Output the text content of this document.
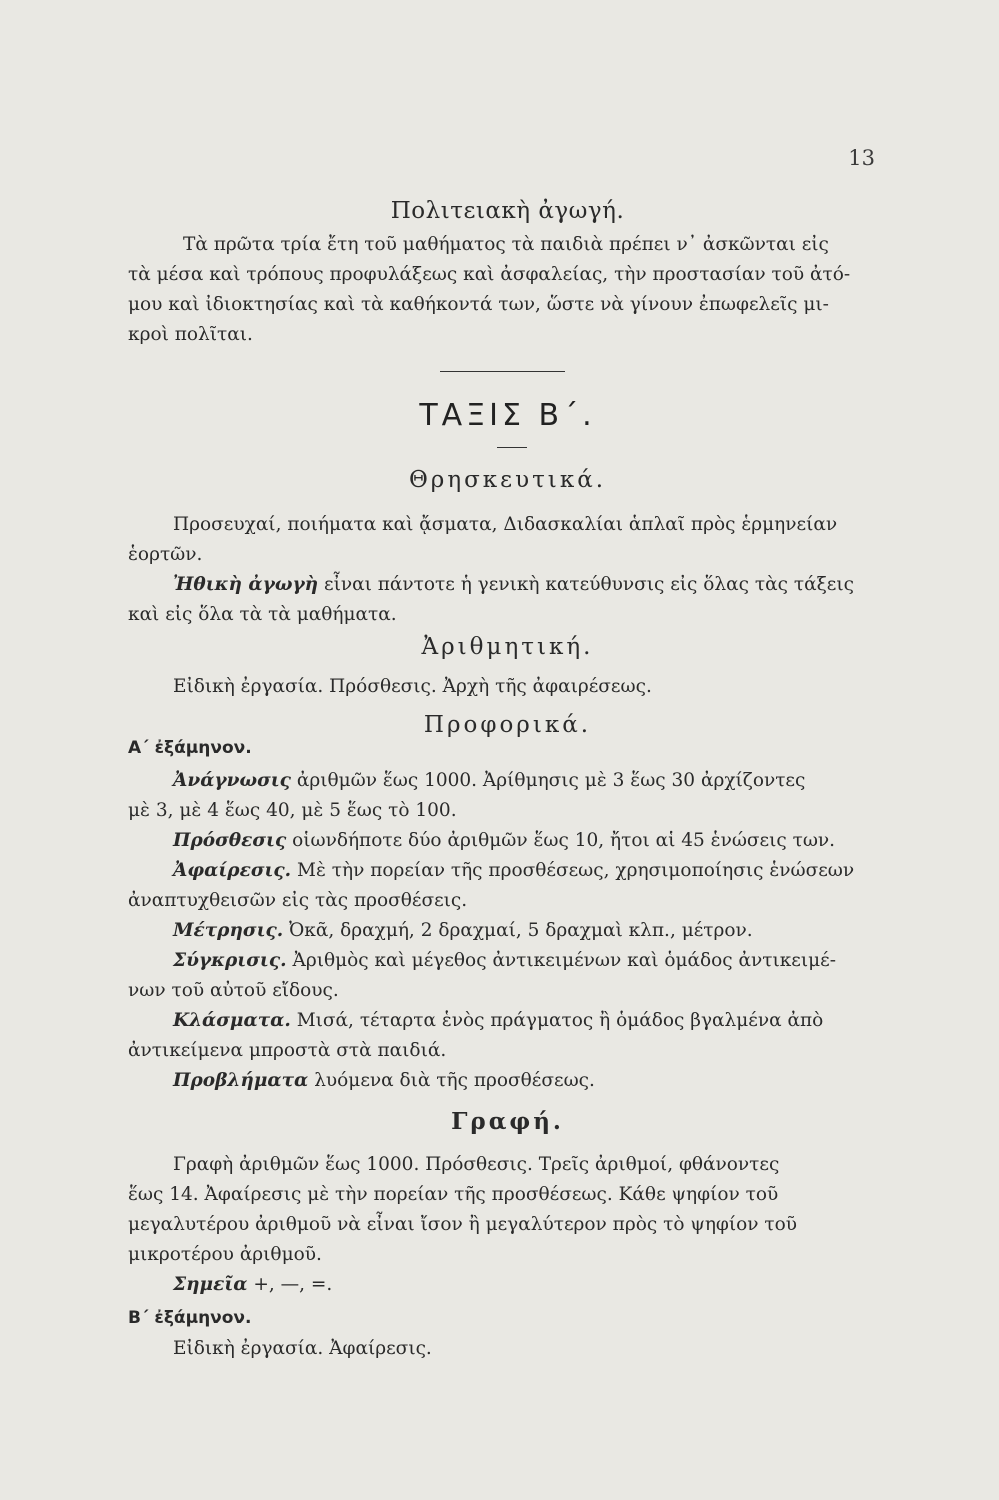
13
Πολιτειακὴ ἀγωγή.
Τὰ πρῶτα τρία ἔτη τοῦ μαθήματος τὰ παιδιὰ πρέπει ν᾿ ἀσκῶνται εἰς
τὰ μέσα καὶ τρόπους προφυλάξεως καὶ ἀσφαλείας, τὴν προστασίαν τοῦ ἀτό-
μου καὶ ἰδιοκτησίας καὶ τὰ καθήκοντά των, ὥστε νὰ γίνουν ἐπωφελεῖς μι-
κροὶ πολῖται.
ΤΑΞΙΣ Β΄.
Θρησκευτικά.
Προσευχαί, ποιήματα καὶ ᾄσματα, Διδασκαλίαι ἁπλαῖ πρὸς ἑρμηνείαν
ἑορτῶν.
Ἠθικὴ ἀγωγὴ εἶναι πάντοτε ἡ γενικὴ κατεύθυνσις εἰς ὅλας τὰς τάξεις
καὶ εἰς ὅλα τὰ τὰ μαθήματα.
Ἀριθμητική.
Εἰδικὴ ἐργασία. Πρόσθεσις. Ἀρχὴ τῆς ἀφαιρέσεως.
Προφορικά.
Α΄ ἐξάμηνον.
Ἀνάγνωσις ἀριθμῶν ἕως 1000. Ἀρίθμησις μὲ 3 ἕως 30 ἀρχίζοντες
μὲ 3, μὲ 4 ἕως 40, μὲ 5 ἕως τὸ 100.
Πρόσθεσις οἱωνδήποτε δύο ἀριθμῶν ἕως 10, ἤτοι αἱ 45 ἑνώσεις των.
Ἀφαίρεσις. Μὲ τὴν πορείαν τῆς προσθέσεως, χρησιμοποίησις ἑνώσεων
ἀναπτυχθεισῶν εἰς τὰς προσθέσεις.
Μέτρησις. Ὀκᾶ, δραχμή, 2 δραχμαί, 5 δραχμαὶ κλπ., μέτρον.
Σύγκρισις. Ἀριθμὸς καὶ μέγεθος ἀντικειμένων καὶ ὁμάδος ἀντικειμέ-
νων τοῦ αὐτοῦ εἴδους.
Κλάσματα. Μισά, τέταρτα ἑνὸς πράγματος ἢ ὁμάδος βγαλμένα ἀπὸ
ἀντικείμενα μπροστὰ στὰ παιδιά.
Προβλήματα λυόμενα διὰ τῆς προσθέσεως.
Γραφή.
Γραφὴ ἀριθμῶν ἕως 1000. Πρόσθεσις. Τρεῖς ἀριθμοί, φθάνοντες
ἕως 14. Ἀφαίρεσις μὲ τὴν πορείαν τῆς προσθέσεως. Κάθε ψηφίον τοῦ
μεγαλυτέρου ἀριθμοῦ νὰ εἶναι ἴσον ἢ μεγαλύτερον πρὸς τὸ ψηφίον τοῦ
μικροτέρου ἀριθμοῦ.
Σημεῖα +, —, =.
Β΄ ἐξάμηνον.
Εἰδικὴ ἐργασία. Ἀφαίρεσις.
